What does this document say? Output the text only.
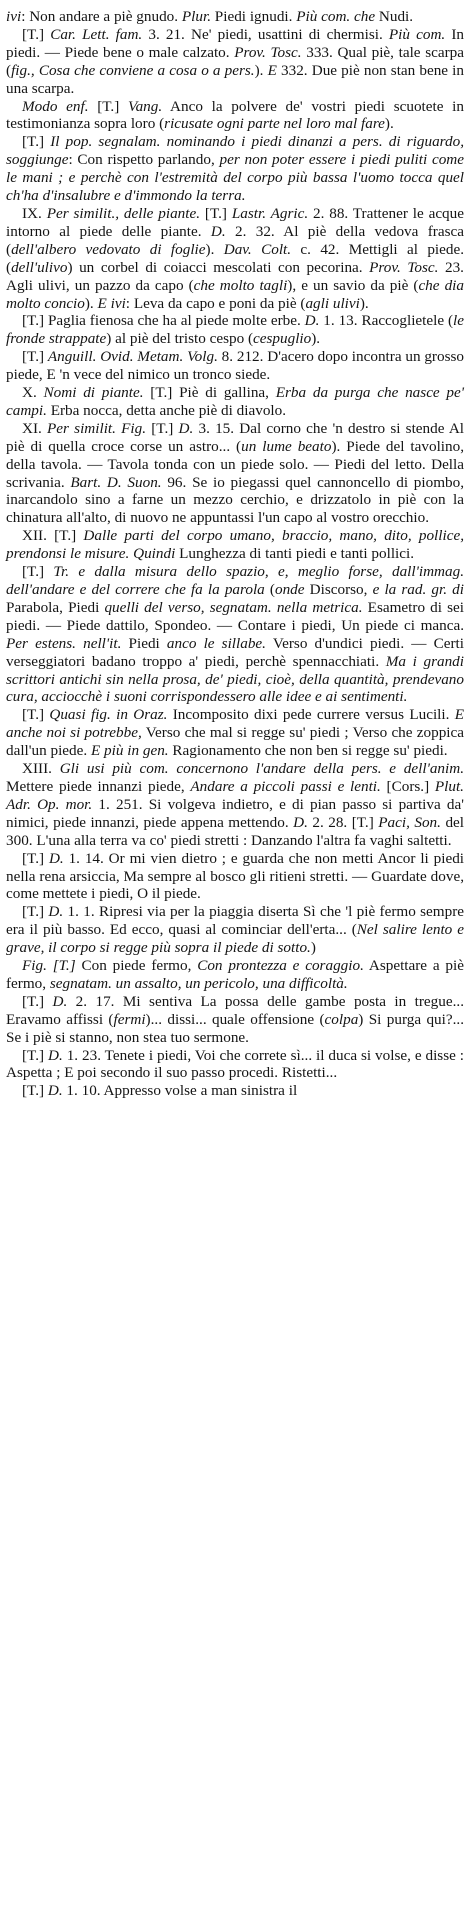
ivi: Non andare a piè gnudo. Plur. Piedi ignudi. Più com. che Nudi.

[T.] Car. Lett. fam. 3. 21. Ne' piedi, usattini di chermisi. Più com. In piedi. — Piede bene o male calzato. Prov. Tosc. 333. Qual piè, tale scarpa (fig., Cosa che conviene a cosa o a pers.). E 332. Due piè non stan bene in una scarpa.

Modo enf. [T.] Vang. Anco la polvere de' vostri piedi scuotete in testimonianza sopra loro (ricusate ogni parte nel loro mal fare).

[T.] Il pop. segnalam. nominando i piedi dinanzi a pers. di riguardo, soggiunge: Con rispetto parlando, per non poter essere i piedi puliti come le mani ; e perchè con l'estremità del corpo più bassa l'uomo tocca quel ch'ha d'insalubre e d'immondo la terra.

IX. Per similit., delle piante. [T.] Lastr. Agric. 2. 88. Trattener le acque intorno al piede delle piante. D. 2. 32. Al piè della vedova frasca (dell'albero vedovato di foglie). Dav. Colt. c. 42. Mettigli al piede. (dell'ulivo) un corbel di coiacci mescolati con pecorina. Prov. Tosc. 23. Agli ulivi, un pazzo da capo (che molto tagli), e un savio da piè (che dia molto concio). E ivi: Leva da capo e poni da piè (agli ulivi).

[T.] Paglia fienosa che ha al piede molte erbe. D. 1. 13. Raccoglietele (le fronde strappate) al piè del tristo cespo (cespuglio).

[T.] Anguill. Ovid. Metam. Volg. 8. 212. D'acero dopo incontra un grosso piede, E 'n vece del nimico un tronco siede.

X. Nomi di piante. [T.] Piè di gallina, Erba da purga che nasce pe' campi. Erba nocca, detta anche piè di diavolo.

XI. Per similit. Fig. [T.] D. 3. 15. Dal corno che 'n destro si stende Al piè di quella croce corse un astro... (un lume beato). Piede del tavolino, della tavola. — Tavola tonda con un piede solo. — Piedi del letto. Della scrivania. Bart. D. Suon. 96. Se io piegassi quel cannoncello di piombo, inarcandolo sino a farne un mezzo cerchio, e drizzatolo in piè con la chinatura all'alto, di nuovo ne appuntassi l'un capo al vostro orecchio.

XII. [T.] Dalle parti del corpo umano, braccio, mano, dito, pollice, prendonsi le misure. Quindi Lunghezza di tanti piedi e tanti pollici.

[T.] Tr. e dalla misura dello spazio, e, meglio forse, dall'immag. dell'andare e del correre che fa la parola (onde Discorso, e la rad. gr. di Parabola, Piedi quelli del verso, segnatam. nella metrica. Esametro di sei piedi. — Piede dattilo, Spondeo. — Contare i piedi, Un piede ci manca. Per estens. nell'it. Piedi anco le sillabe. Verso d'undici piedi. — Certi verseggiatori badano troppo a' piedi, perchè spennacchiati. Ma i grandi scrittori antichi sin nella prosa, de' piedi, cioè, della quantità, prendevano cura, acciocchè i suoni corrispondessero alle idee e ai sentimenti.

[T.] Quasi fig. in Oraz. Incomposito dixi pede currere versus Lucili. E anche noi si potrebbe, Verso che mal si regge su' piedi ; Verso che zoppica dall'un piede. E più in gen. Ragionamento che non ben si regge su' piedi.

XIII. Gli usi più com. concernono l'andare della pers. e dell'anim. Mettere piede innanzi piede, Andare a piccoli passi e lenti. [Cors.] Plut. Adr. Op. mor. 1. 251. Si volgeva indietro, e di pian passo si partiva da' nimici, piede innanzi, piede appena mettendo. D. 2. 28. [T.] Paci, Son. del 300. L'una alla terra va co' piedi stretti : Danzando l'altra fa vaghi saltetti.

[T.] D. 1. 14. Or mi vien dietro ; e guarda che non metti Ancor li piedi nella rena arsiccia, Ma sempre al bosco gli ritieni stretti. — Guardate dove, come mettete i piedi, O il piede.

[T.] D. 1. 1. Ripresi via per la piaggia diserta Sì che 'l piè fermo sempre era il più basso. Ed ecco, quasi al cominciar dell'erta... (Nel salire lento e grave, il corpo si regge più sopra il piede di sotto.)

Fig. [T.] Con piede fermo, Con prontezza e coraggio. Aspettare a piè fermo, segnatam. un assalto, un pericolo, una difficoltà.

[T.] D. 2. 17. Mi sentiva La possa delle gambe posta in tregue... Eravamo affissi (fermi)... dissi... quale offensione (colpa) Si purga qui?... Se i piè si stanno, non stea tuo sermone.

[T.] D. 1. 23. Tenete i piedi, Voi che correte sì... il duca si volse, e disse : Aspetta ; E poi secondo il suo passo procedi. Ristetti...

[T.] D. 1. 10. Appresso volse a man sinistra il
